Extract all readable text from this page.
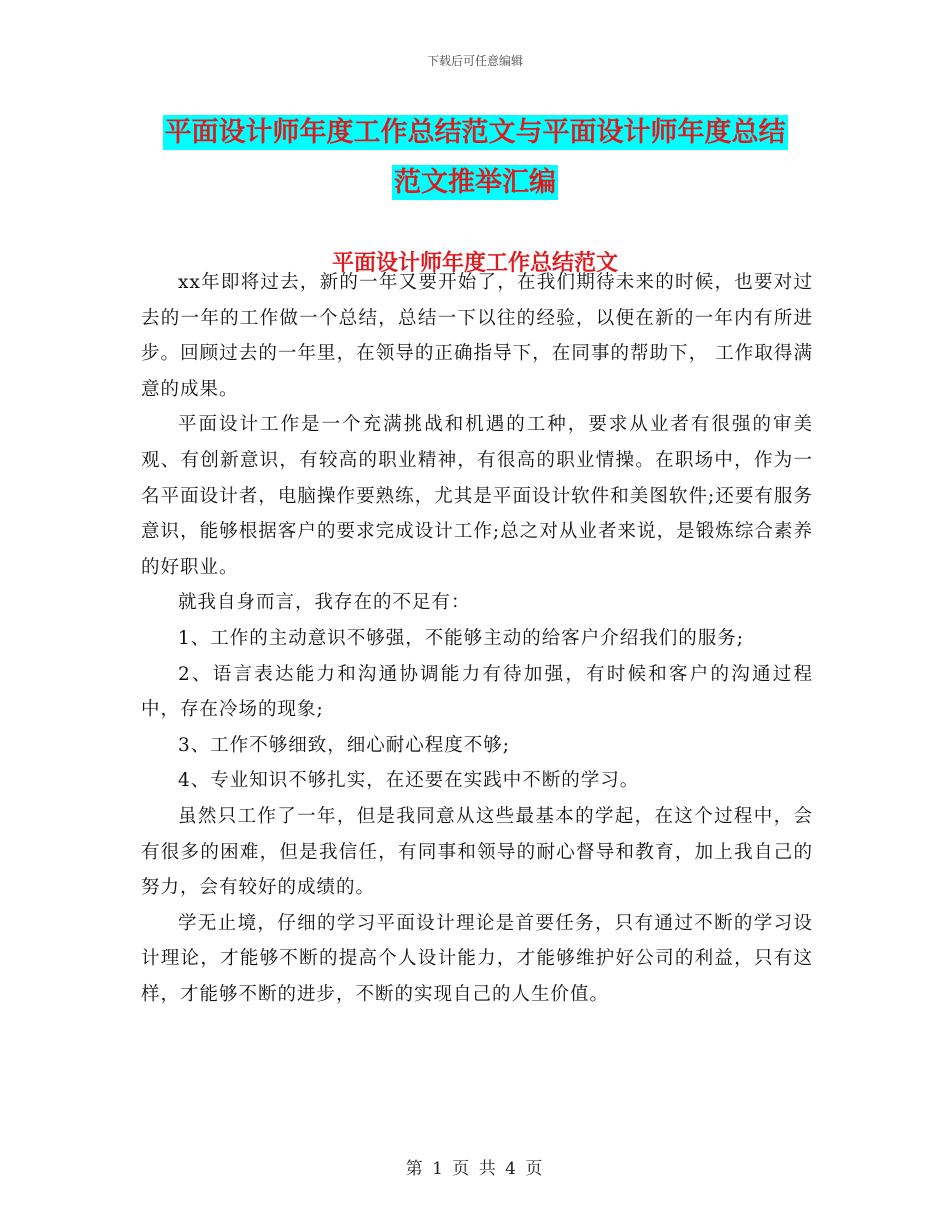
下载后可任意编辑
平面设计师年度工作总结范文与平面设计师年度总结
范文推举汇编
平面设计师年度工作总结范文

xx年即将过去，新的一年又要开始了，在我们期待未来的时候，也要对过去的一年的工作做一个总结，总结一下以往的经验，以便在新的一年内有所进步。回顾过去的一年里，在领导的正确指导下，在同事的帮助下， 工作取得满意的成果。

平面设计工作是一个充满挑战和机遇的工种，要求从业者有很强的审美观、有创新意识，有较高的职业精神，有很高的职业情操。在职场中，作为一名平面设计者，电脑操作要熟练，尤其是平面设计软件和美图软件;还要有服务意识，能够根据客户的要求完成设计工作;总之对从业者来说，是锻炼综合素养的好职业。

就我自身而言，我存在的不足有：

1、工作的主动意识不够强，不能够主动的给客户介绍我们的服务;

2、语言表达能力和沟通协调能力有待加强，有时候和客户的沟通过程中，存在冷场的现象;

3、工作不够细致，细心耐心程度不够;

4、专业知识不够扎实，在还要在实践中不断的学习。

虽然只工作了一年，但是我同意从这些最基本的学起，在这个过程中，会有很多的困难，但是我信任，有同事和领导的耐心督导和教育，加上我自己的努力，会有较好的成绩的。

学无止境，仔细的学习平面设计理论是首要任务，只有通过不断的学习设计理论，才能够不断的提高个人设计能力，才能够维护好公司的利益，只有这样，才能够不断的进步，不断的实现自己的人生价值。

第 1 页 共 4 页
